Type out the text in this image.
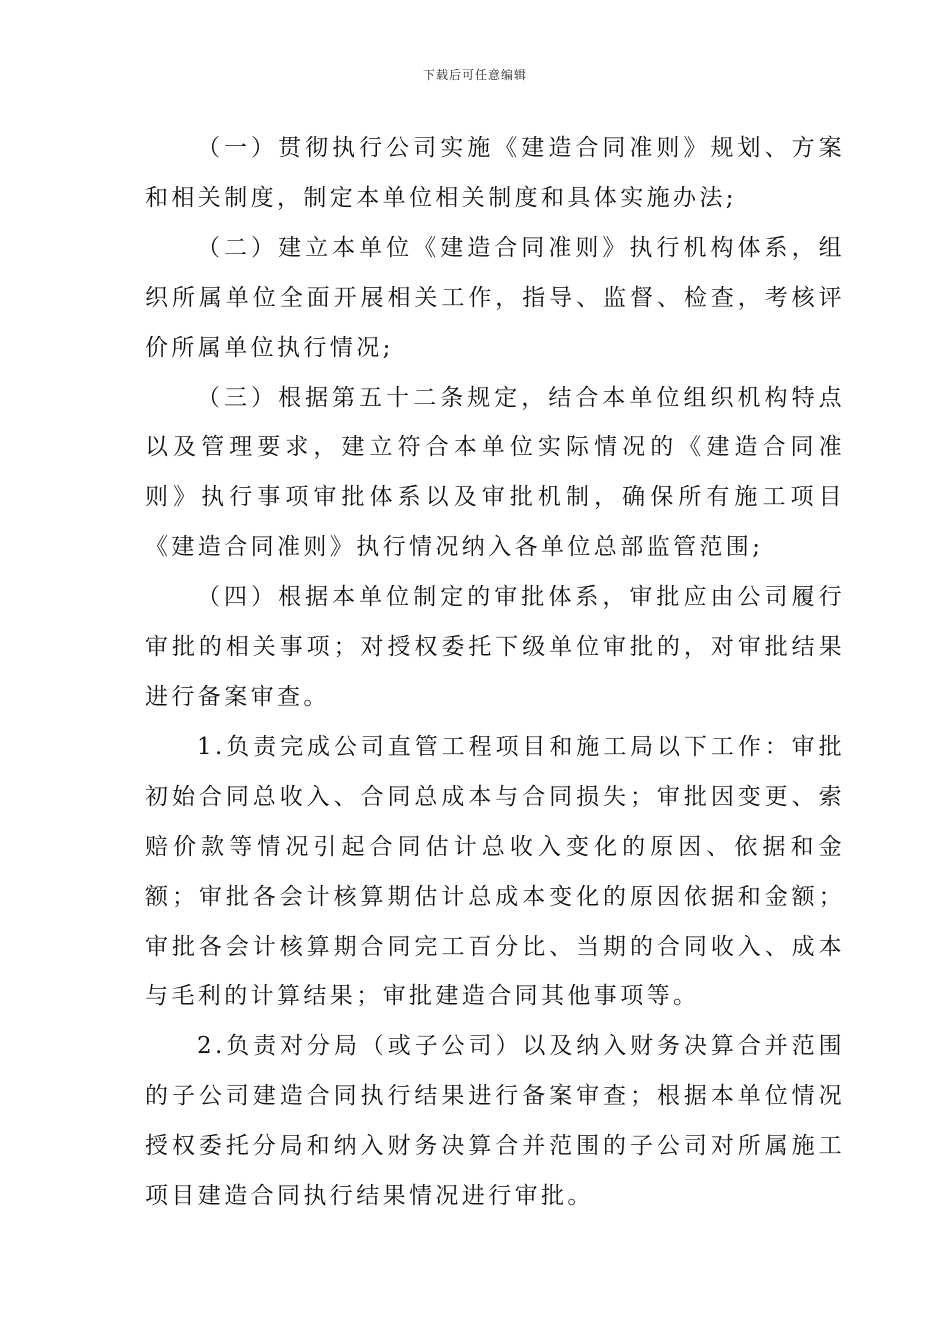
下载后可任意编辑

（一）贯彻执行公司实施《建造合同准则》规划、方案和相关制度，制定本单位相关制度和具体实施办法;

（二）建立本单位《建造合同准则》执行机构体系，组织所属单位全面开展相关工作，指导、监督、检查，考核评价所属单位执行情况;

（三）根据第五十二条规定，结合本单位组织机构特点以及管理要求，建立符合本单位实际情况的《建造合同准则》执行事项审批体系以及审批机制，确保所有施工项目《建造合同准则》执行情况纳入各单位总部监管范围;

（四）根据本单位制定的审批体系，审批应由公司履行审批的相关事项；对授权委托下级单位审批的，对审批结果进行备案审查。

1.负责完成公司直管工程项目和施工局以下工作：审批初始合同总收入、合同总成本与合同损失；审批因变更、索赔价款等情况引起合同估计总收入变化的原因、依据和金额；审批各会计核算期估计总成本变化的原因依据和金额；审批各会计核算期合同完工百分比、当期的合同收入、成本与毛利的计算结果；审批建造合同其他事项等。

2.负责对分局（或子公司）以及纳入财务决算合并范围的子公司建造合同执行结果进行备案审查；根据本单位情况授权委托分局和纳入财务决算合并范围的子公司对所属施工项目建造合同执行结果情况进行审批。
